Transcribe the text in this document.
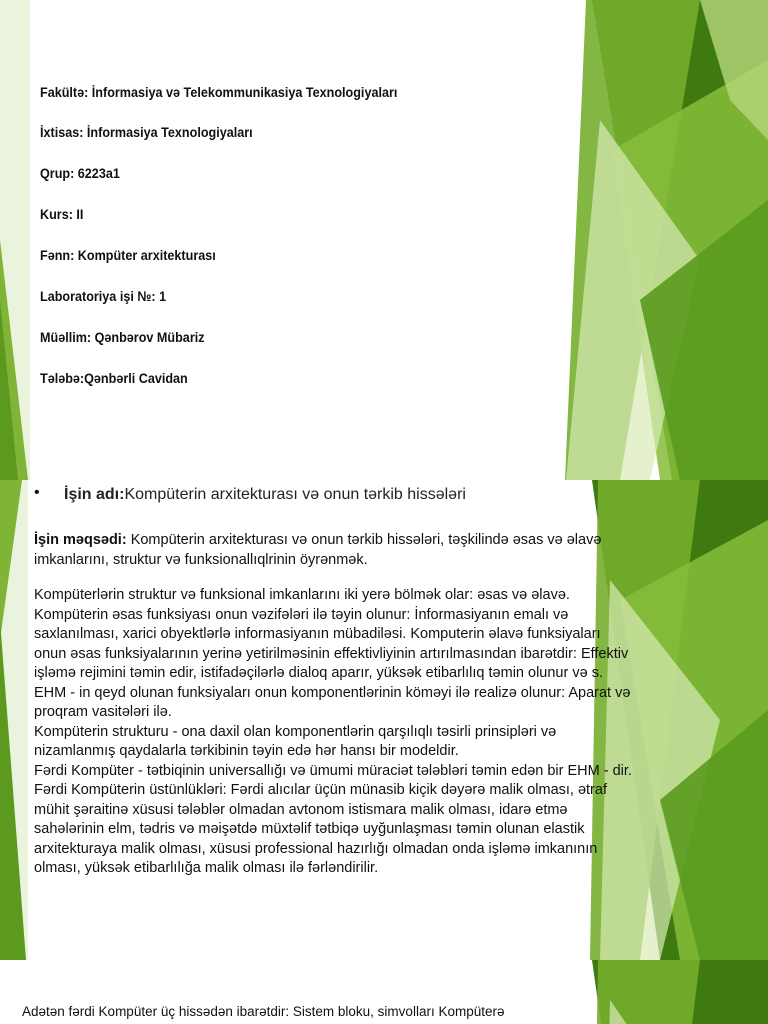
Fakültə: İnformasiya və Telekommunikasiya Texnologiyaları

İxtisas: İnformasiya Texnologiyaları

Qrup: 6223a1

Kurs: II

Fənn: Kompüter arxitekturası

Laboratoriya işi №: 1

Müəllim: Qənbərov Mübariz

Tələbə:Qənbərli Cavidan

• İşin adı:Kompüterin arxitekturası və onun tərkib hissələri

İşin məqsədi: Kompüterin arxitekturası və onun tərkib hissələri, təşkilində əsas və əlavə imkanlarını, struktur və funksionallıqlrinin öyrənmək.

Kompüterlərin struktur və funksional imkanlarını iki yerə bölmək olar: əsas və əlavə. Kompüterin əsas funksiyası onun vəzifələri ilə təyin olunur: İnformasiyanın emalı və saxlanılması, xarici obyektlərlə informasiyanın mübadiləsi. Komputerin əlavə funksiyaları onun əsas funksiyalarının yerinə yetirilməsinin effektivliyinin artırılmasından ibarətdir: Effektiv işləmə rejimini təmin edir, istifadəçilərlə dialoq aparır, yüksək etibarlılıq təmin olunur və s. EHM - in qeyd olunan funksiyaları onun komponentlərinin köməyi ilə realizə olunur: Aparat və proqram vasitələri ilə.
Kompüterin strukturu - ona daxil olan komponentlərin qarşılıqlı təsirli prinsipləri və nizamlanmış qaydalarla tərkibinin təyin edə hər hansı bir modeldir.
Fərdi Kompüter - tətbiqinin universallığı və ümumi müraciət tələbləri təmin edən bir EHM - dir. Fərdi Kompüterin üstünlükləri: Fərdi alıcılar üçün münasib kiçik dəyərə malik olması, ətraf mühit şəraitinə xüsusi tələblər olmadan avtonom istismara malik olması, idarə etmə sahələrinin elm, tədris və məişətdə müxtəlif tətbiqə uyğunlaşması təmin olunan elastik arxitekturaya malik olması, xüsusi professional hazırlığı olmadan onda işləmə imkanının olması, yüksək etibarlılığa malik olması ilə fərləndirilir.

Adətən fərdi Kompüter üç hissədən ibarətdir: Sistem bloku, simvolları Kompüterə
